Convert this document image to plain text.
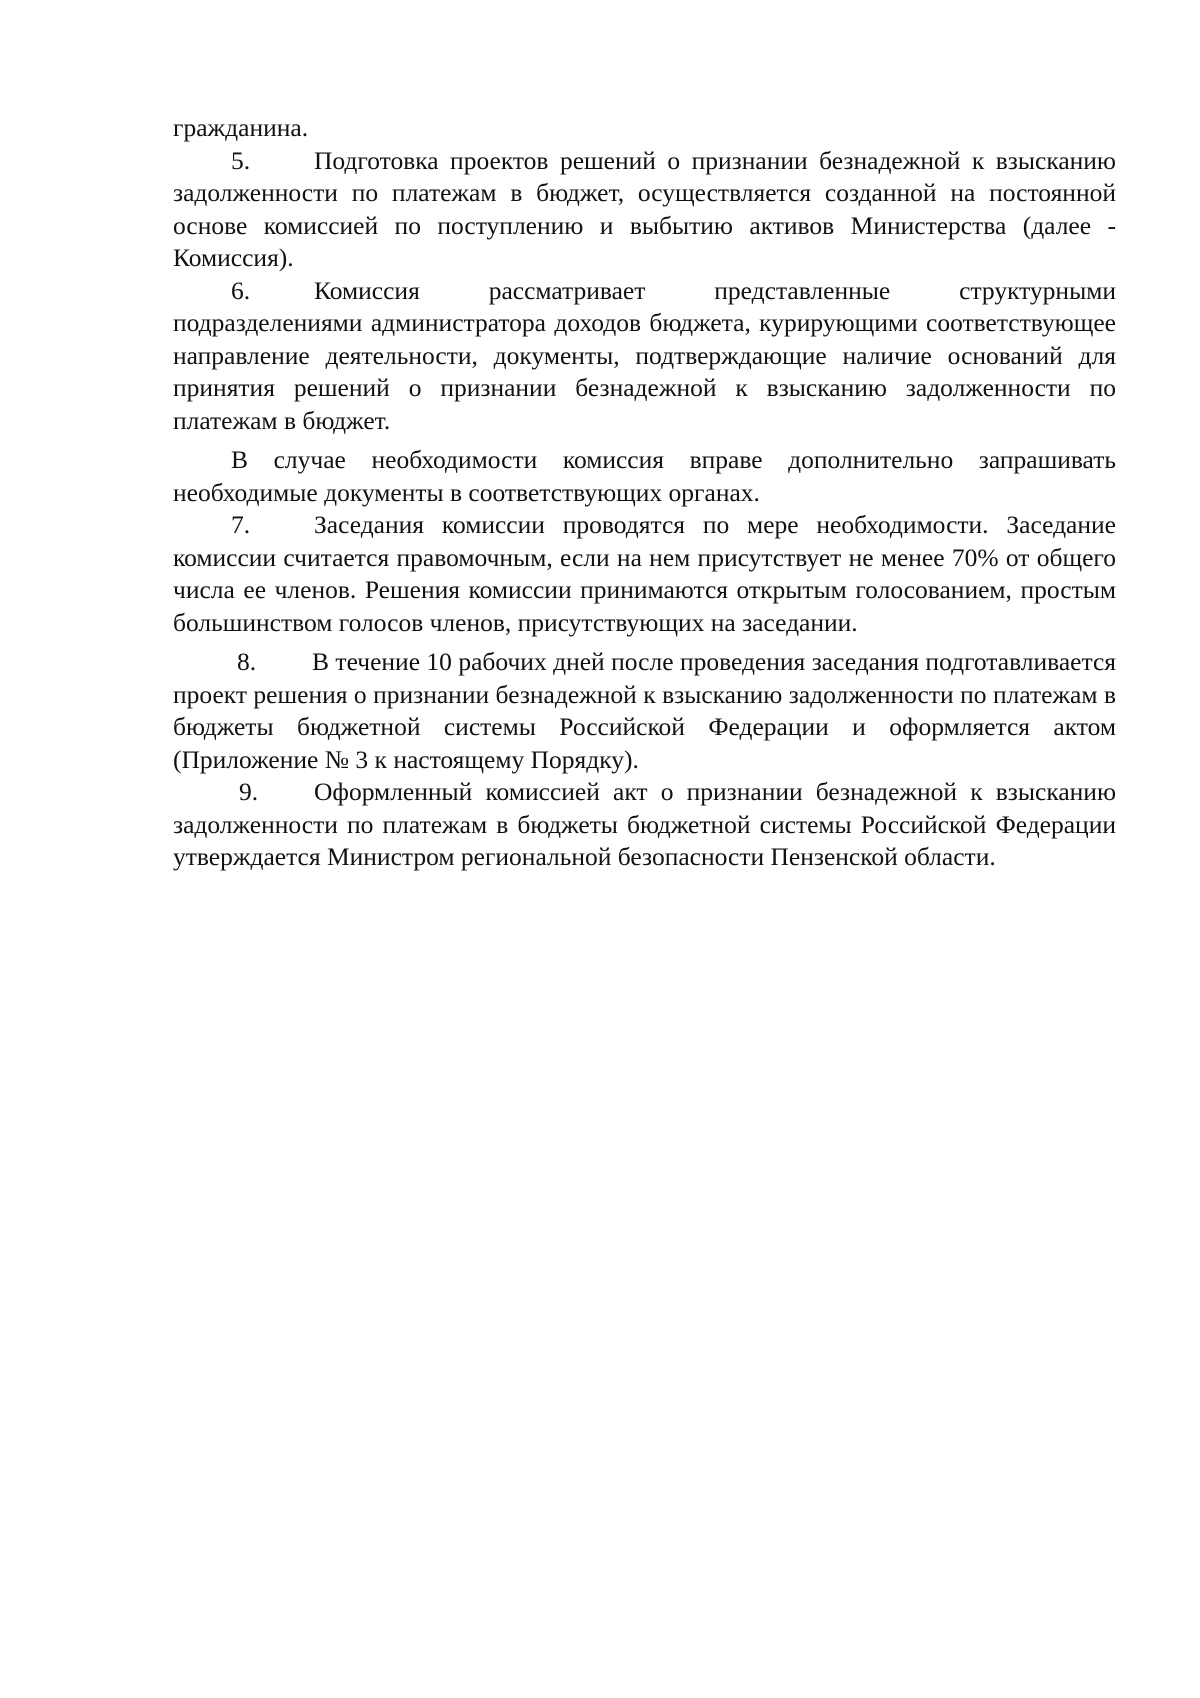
гражданина.

5.	Подготовка проектов решений о признании безнадежной к взысканию задолженности по платежам в бюджет, осуществляется созданной на постоянной основе комиссией по поступлению и выбытию активов Министерства (далее - Комиссия).

6.	Комиссия рассматривает представленные структурными подразделениями администратора доходов бюджета, курирующими соответствующее направление деятельности, документы, подтверждающие наличие оснований для принятия решений о признании безнадежной к взысканию задолженности по платежам в бюджет.

В случае необходимости комиссия вправе дополнительно запрашивать необходимые документы в соответствующих органах.

7.	Заседания комиссии проводятся по мере необходимости. Заседание комиссии считается правомочным, если на нем присутствует не менее 70% от общего числа ее членов. Решения комиссии принимаются открытым голосованием, простым большинством голосов членов, присутствующих на заседании.

8. В течение 10 рабочих дней после проведения заседания подготавливается проект решения о признании безнадежной к взысканию задолженности по платежам в бюджеты бюджетной системы Российской Федерации и оформляется актом (Приложение № 3 к настоящему Порядку).

9. Оформленный комиссией акт о признании безнадежной к взысканию задолженности по платежам в бюджеты бюджетной системы Российской Федерации утверждается Министром региональной безопасности Пензенской области.
